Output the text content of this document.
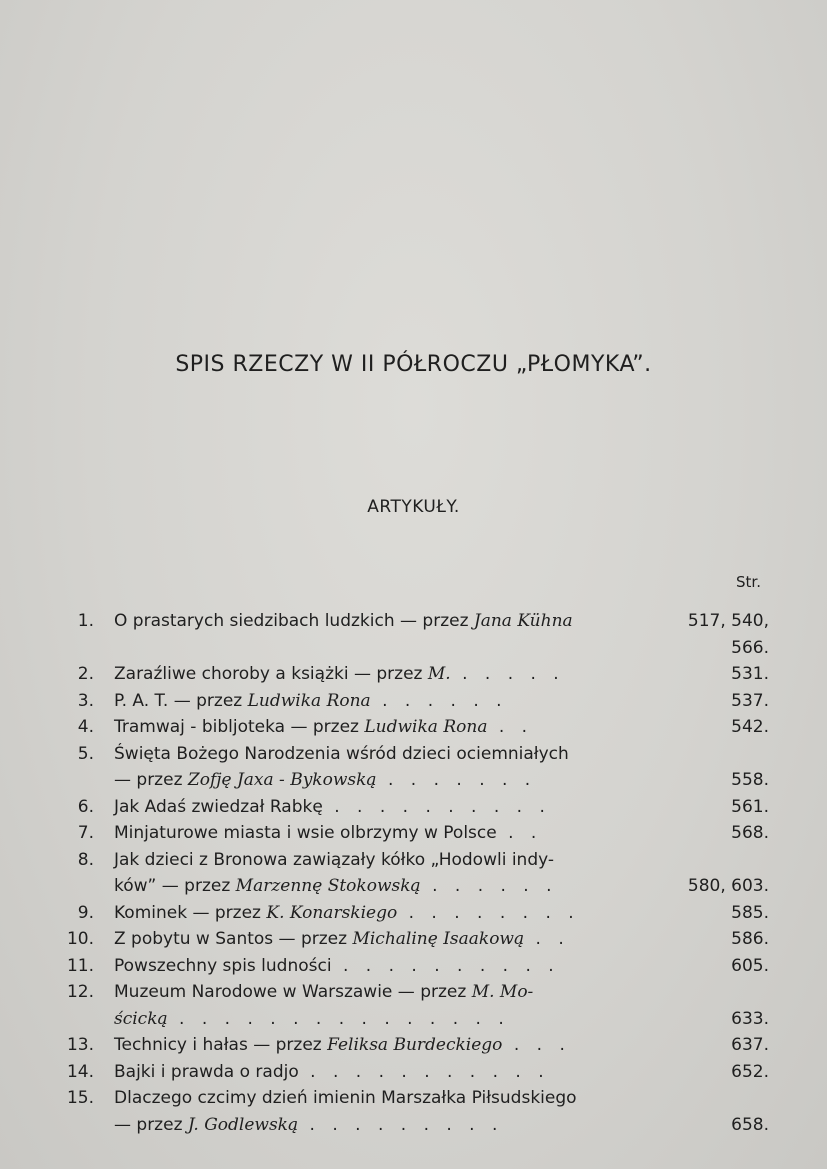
SPIS RZECZY W II PÓŁROCZU „PŁOMYKA”.
ARTYKUŁY.
Str.
1. O prastarych siedzibach ludzkich — przez Jana Kühna	517, 540,
566.
2. Zaraźliwe choroby a książki — przez M. . . . . .	531.
3. P. A. T. — przez Ludwika Rona . . . . . .	537.
4. Tramwaj - bibljoteka — przez Ludwika Rona . .	542.
5. Święta Bożego Narodzenia wśród dzieci ociemniałych
— przez Zofję Jaxa - Bykowską . . . . . . .	558.
6. Jak Adaś zwiedzał Rabkę . . . . . . . . . .	561.
7. Minjaturowe miasta i wsie olbrzymy w Polsce . .	568.
8. Jak dzieci z Bronowa zawiązały kółko „Hodowli indy-
ków” — przez Marzennę Stokowską . . . . . .	580, 603.
9. Kominek — przez K. Konarskiego . . . . . . . .	585.
10. Z pobytu w Santos — przez Michalinę Isaakową . .	586.
11. Powszechny spis ludności . . . . . . . . . .	605.
12. Muzeum Narodowe w Warszawie — przez M. Mo-
ścicką . . . . . . . . . . . . . . .	633.
13. Technicy i hałas — przez Feliksa Burdeckiego . . .	637.
14. Bajki i prawda o radjo . . . . . . . . . . .	652.
15. Dlaczego czcimy dzień imienin Marszałka Piłsudskiego
— przez J. Godlewską . . . . . . . . .	658.
